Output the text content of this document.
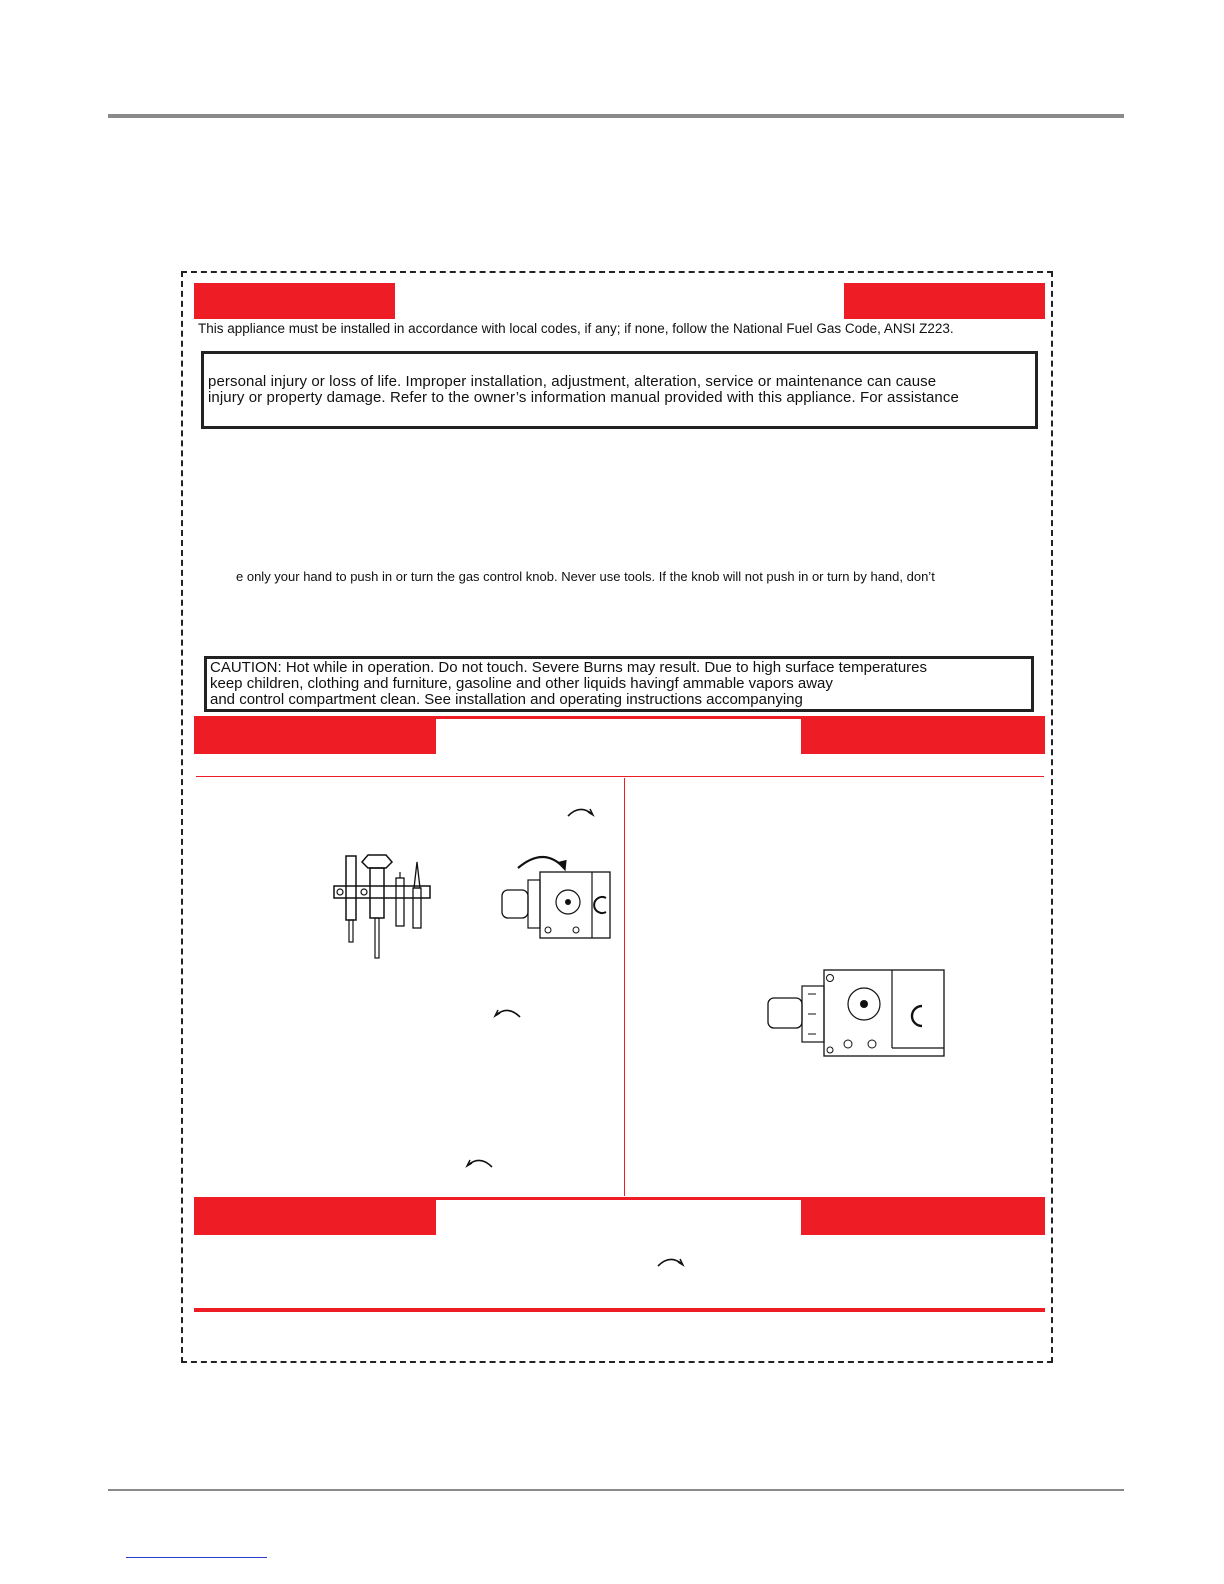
This appliance must be installed in accordance with local codes, if any; if none, follow the National Fuel Gas Code, ANSI Z223.
personal injury or loss of life. Improper installation, adjustment, alteration, service or maintenance can cause
injury or property damage. Refer to the owner’s information manual provided with this appliance. For assistance
e only your hand to push in or turn the gas control knob. Never use tools. If the knob will not push in or turn by hand, don’t
CAUTION: Hot while in operation. Do not touch. Severe Burns may result. Due to high surface temperatures
keep children, clothing and furniture, gasoline and other liquids havingf ammable vapors away
and control compartment clean. See installation and operating instructions accompanying
